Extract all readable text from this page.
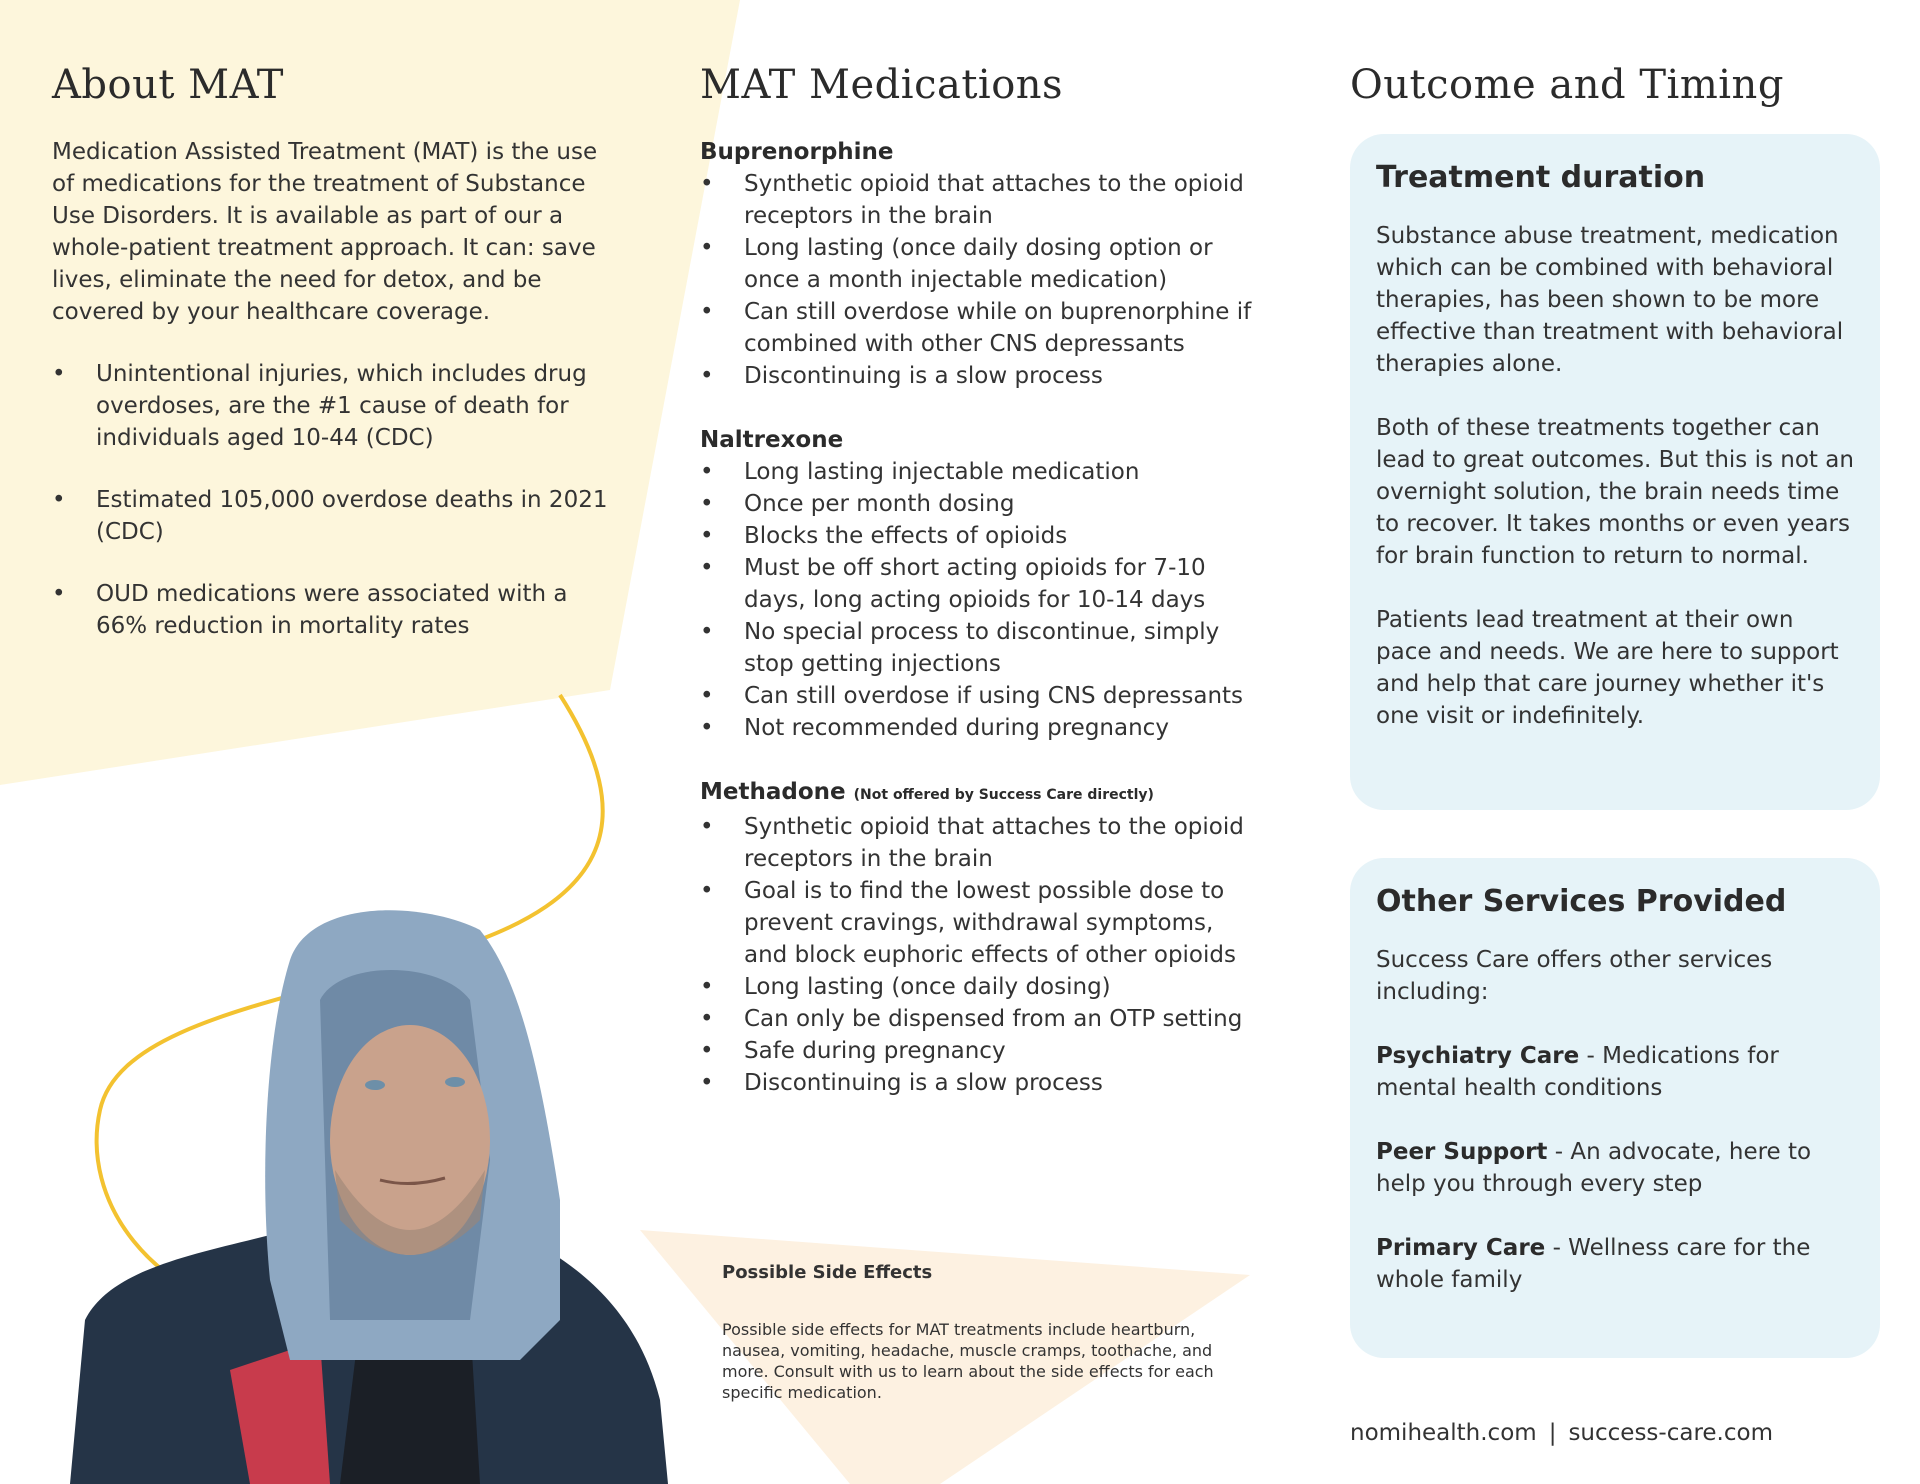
About MAT

Medication Assisted Treatment (MAT) is the use of medications for the treatment of Substance Use Disorders. It is available as part of our a whole-patient treatment approach. It can: save lives, eliminate the need for detox, and be covered by your healthcare coverage.

• Unintentional injuries, which includes drug overdoses, are the #1 cause of death for individuals aged 10-44 (CDC)
• Estimated 105,000 overdose deaths in 2021 (CDC)
• OUD medications were associated with a 66% reduction in mortality rates
MAT Medications
Buprenorphine
• Synthetic opioid that attaches to the opioid receptors in the brain
• Long lasting (once daily dosing option or once a month injectable medication)
• Can still overdose while on buprenorphine if combined with other CNS depressants
• Discontinuing is a slow process
Naltrexone
• Long lasting injectable medication
• Once per month dosing
• Blocks the effects of opioids
• Must be off short acting opioids for 7-10 days, long acting opioids for 10-14 days
• No special process to discontinue, simply stop getting injections
• Can still overdose if using CNS depressants
• Not recommended during pregnancy
Methadone (Not offered by Success Care directly)
• Synthetic opioid that attaches to the opioid receptors in the brain
• Goal is to find the lowest possible dose to prevent cravings, withdrawal symptoms, and block euphoric effects of other opioids
• Long lasting (once daily dosing)
• Can only be dispensed from an OTP setting
• Safe during pregnancy
• Discontinuing is a slow process
Possible Side Effects

Possible side effects for MAT treatments include heartburn, nausea, vomiting, headache, muscle cramps, toothache, and more. Consult with us to learn about the side effects for each specific medication.

Outcome and Timing
Treatment duration

Substance abuse treatment, medication which can be combined with behavioral therapies, has been shown to be more effective than treatment with behavioral therapies alone.

Both of these treatments together can lead to great outcomes. But this is not an overnight solution, the brain needs time to recover. It takes months or even years for brain function to return to normal.

Patients lead treatment at their own pace and needs. We are here to support and help that care journey whether it's one visit or indefinitely.

Other Services Provided

Success Care offers other services including:

Psychiatry Care - Medications for mental health conditions

Peer Support - An advocate, here to help you through every step

Primary Care - Wellness care for the whole family

nomihealth.com | success-care.com
